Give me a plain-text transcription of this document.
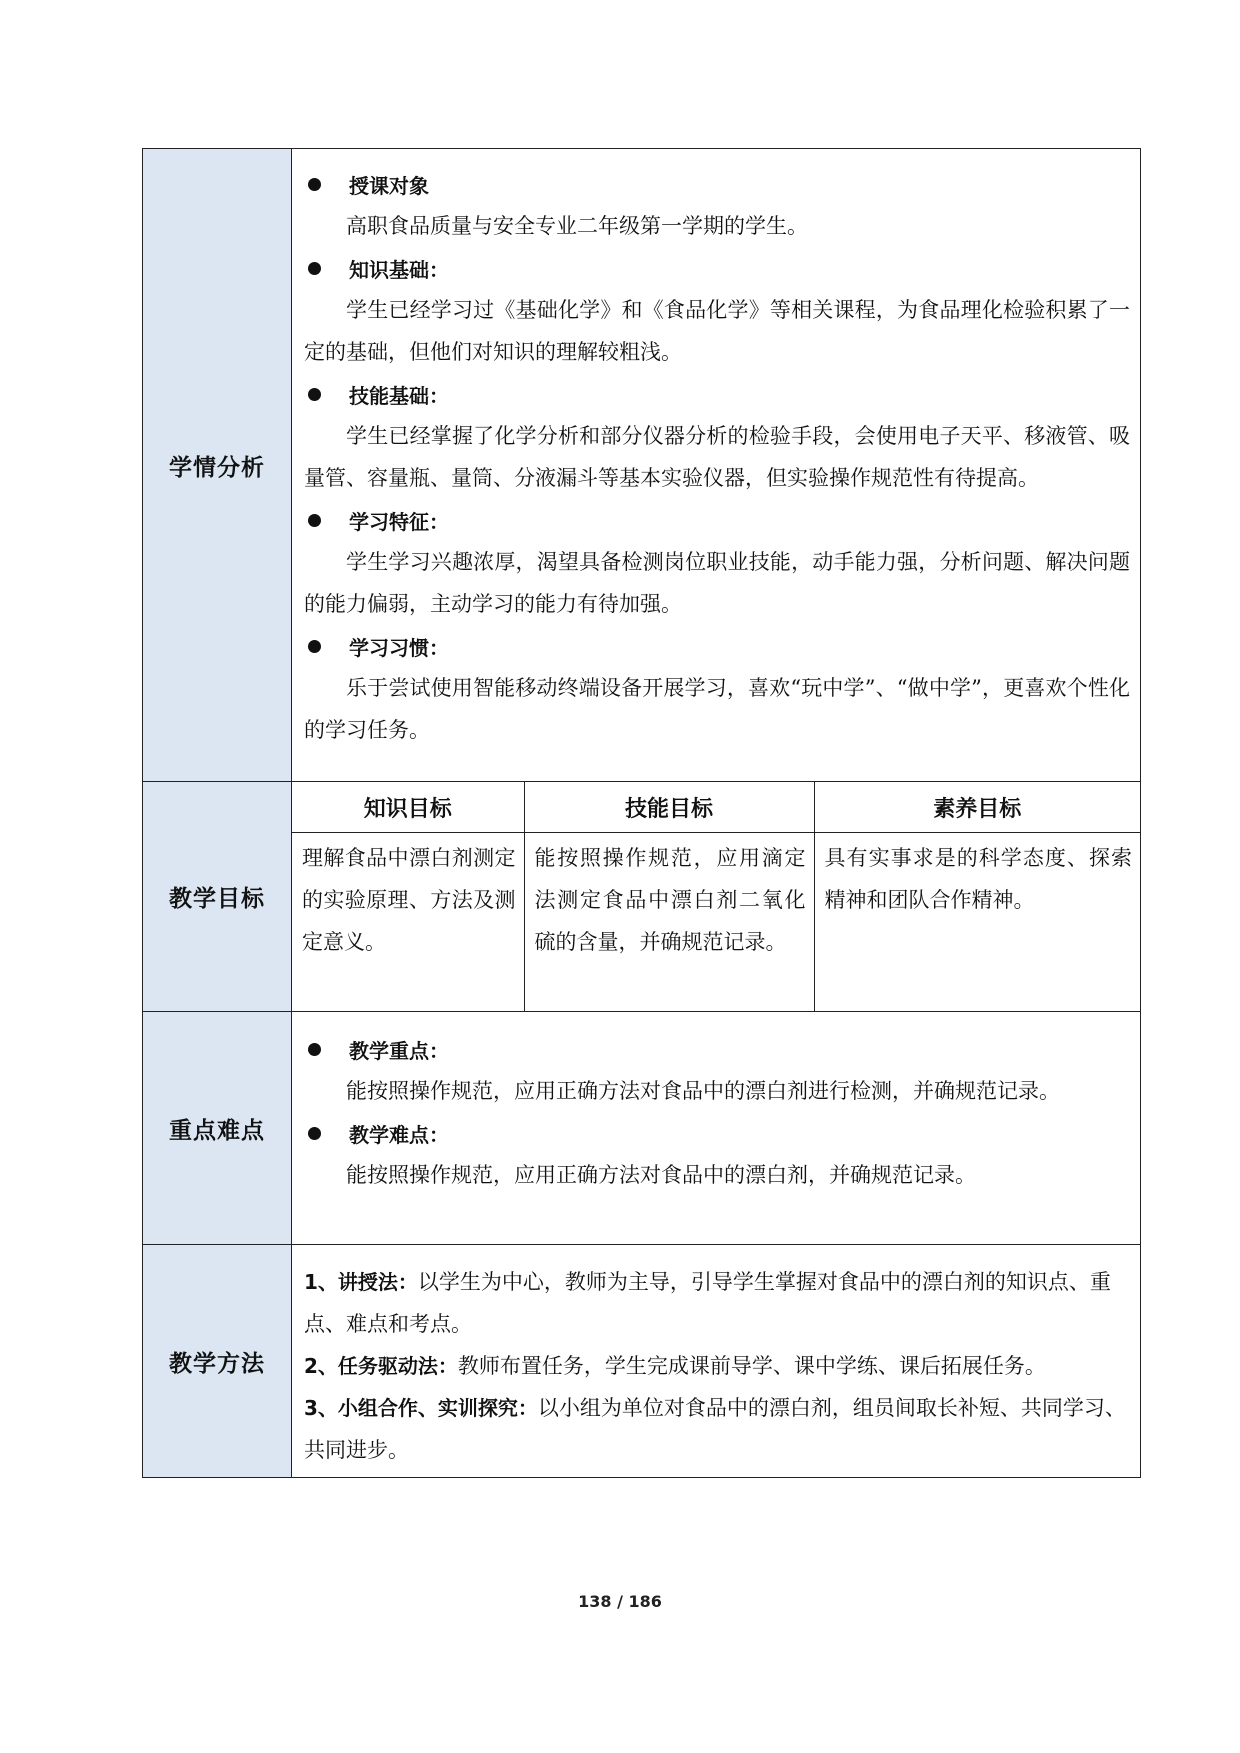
学情分析	
授课对象
高职食品质量与安全专业二年级第一学期的学生。
知识基础：
学生已经学习过《基础化学》和《食品化学》等相关课程，为食品理化检验积累了一定的基础，但他们对知识的理解较粗浅。
技能基础：
学生已经掌握了化学分析和部分仪器分析的检验手段，会使用电子天平、移液管、吸量管、容量瓶、量筒、分液漏斗等基本实验仪器，但实验操作规范性有待提高。
学习特征：
学生学习兴趣浓厚，渴望具备检测岗位职业技能，动手能力强，分析问题、解决问题的能力偏弱，主动学习的能力有待加强。
学习习惯：
乐于尝试使用智能移动终端设备开展学习，喜欢“玩中学”、“做中学”，更喜欢个性化的学习任务。

教学目标	
知识目标	技能目标	素养目标
理解食品中漂白剂测定的实验原理、方法及测定意义。	能按照操作规范，应用滴定法测定食品中漂白剂二氧化硫的含量，并确规范记录。	具有实事求是的科学态度、探索精神和团队合作精神。

重点难点	
教学重点：
能按照操作规范，应用正确方法对食品中的漂白剂进行检测，并确规范记录。
教学难点：
能按照操作规范，应用正确方法对食品中的漂白剂，并确规范记录。

教学方法	
1、讲授法：以学生为中心，教师为主导，引导学生掌握对食品中的漂白剂的知识点、重点、难点和考点。
2、任务驱动法：教师布置任务，学生完成课前导学、课中学练、课后拓展任务。
3、小组合作、实训探究：以小组为单位对食品中的漂白剂，组员间取长补短、共同学习、共同进步。
138 / 186
